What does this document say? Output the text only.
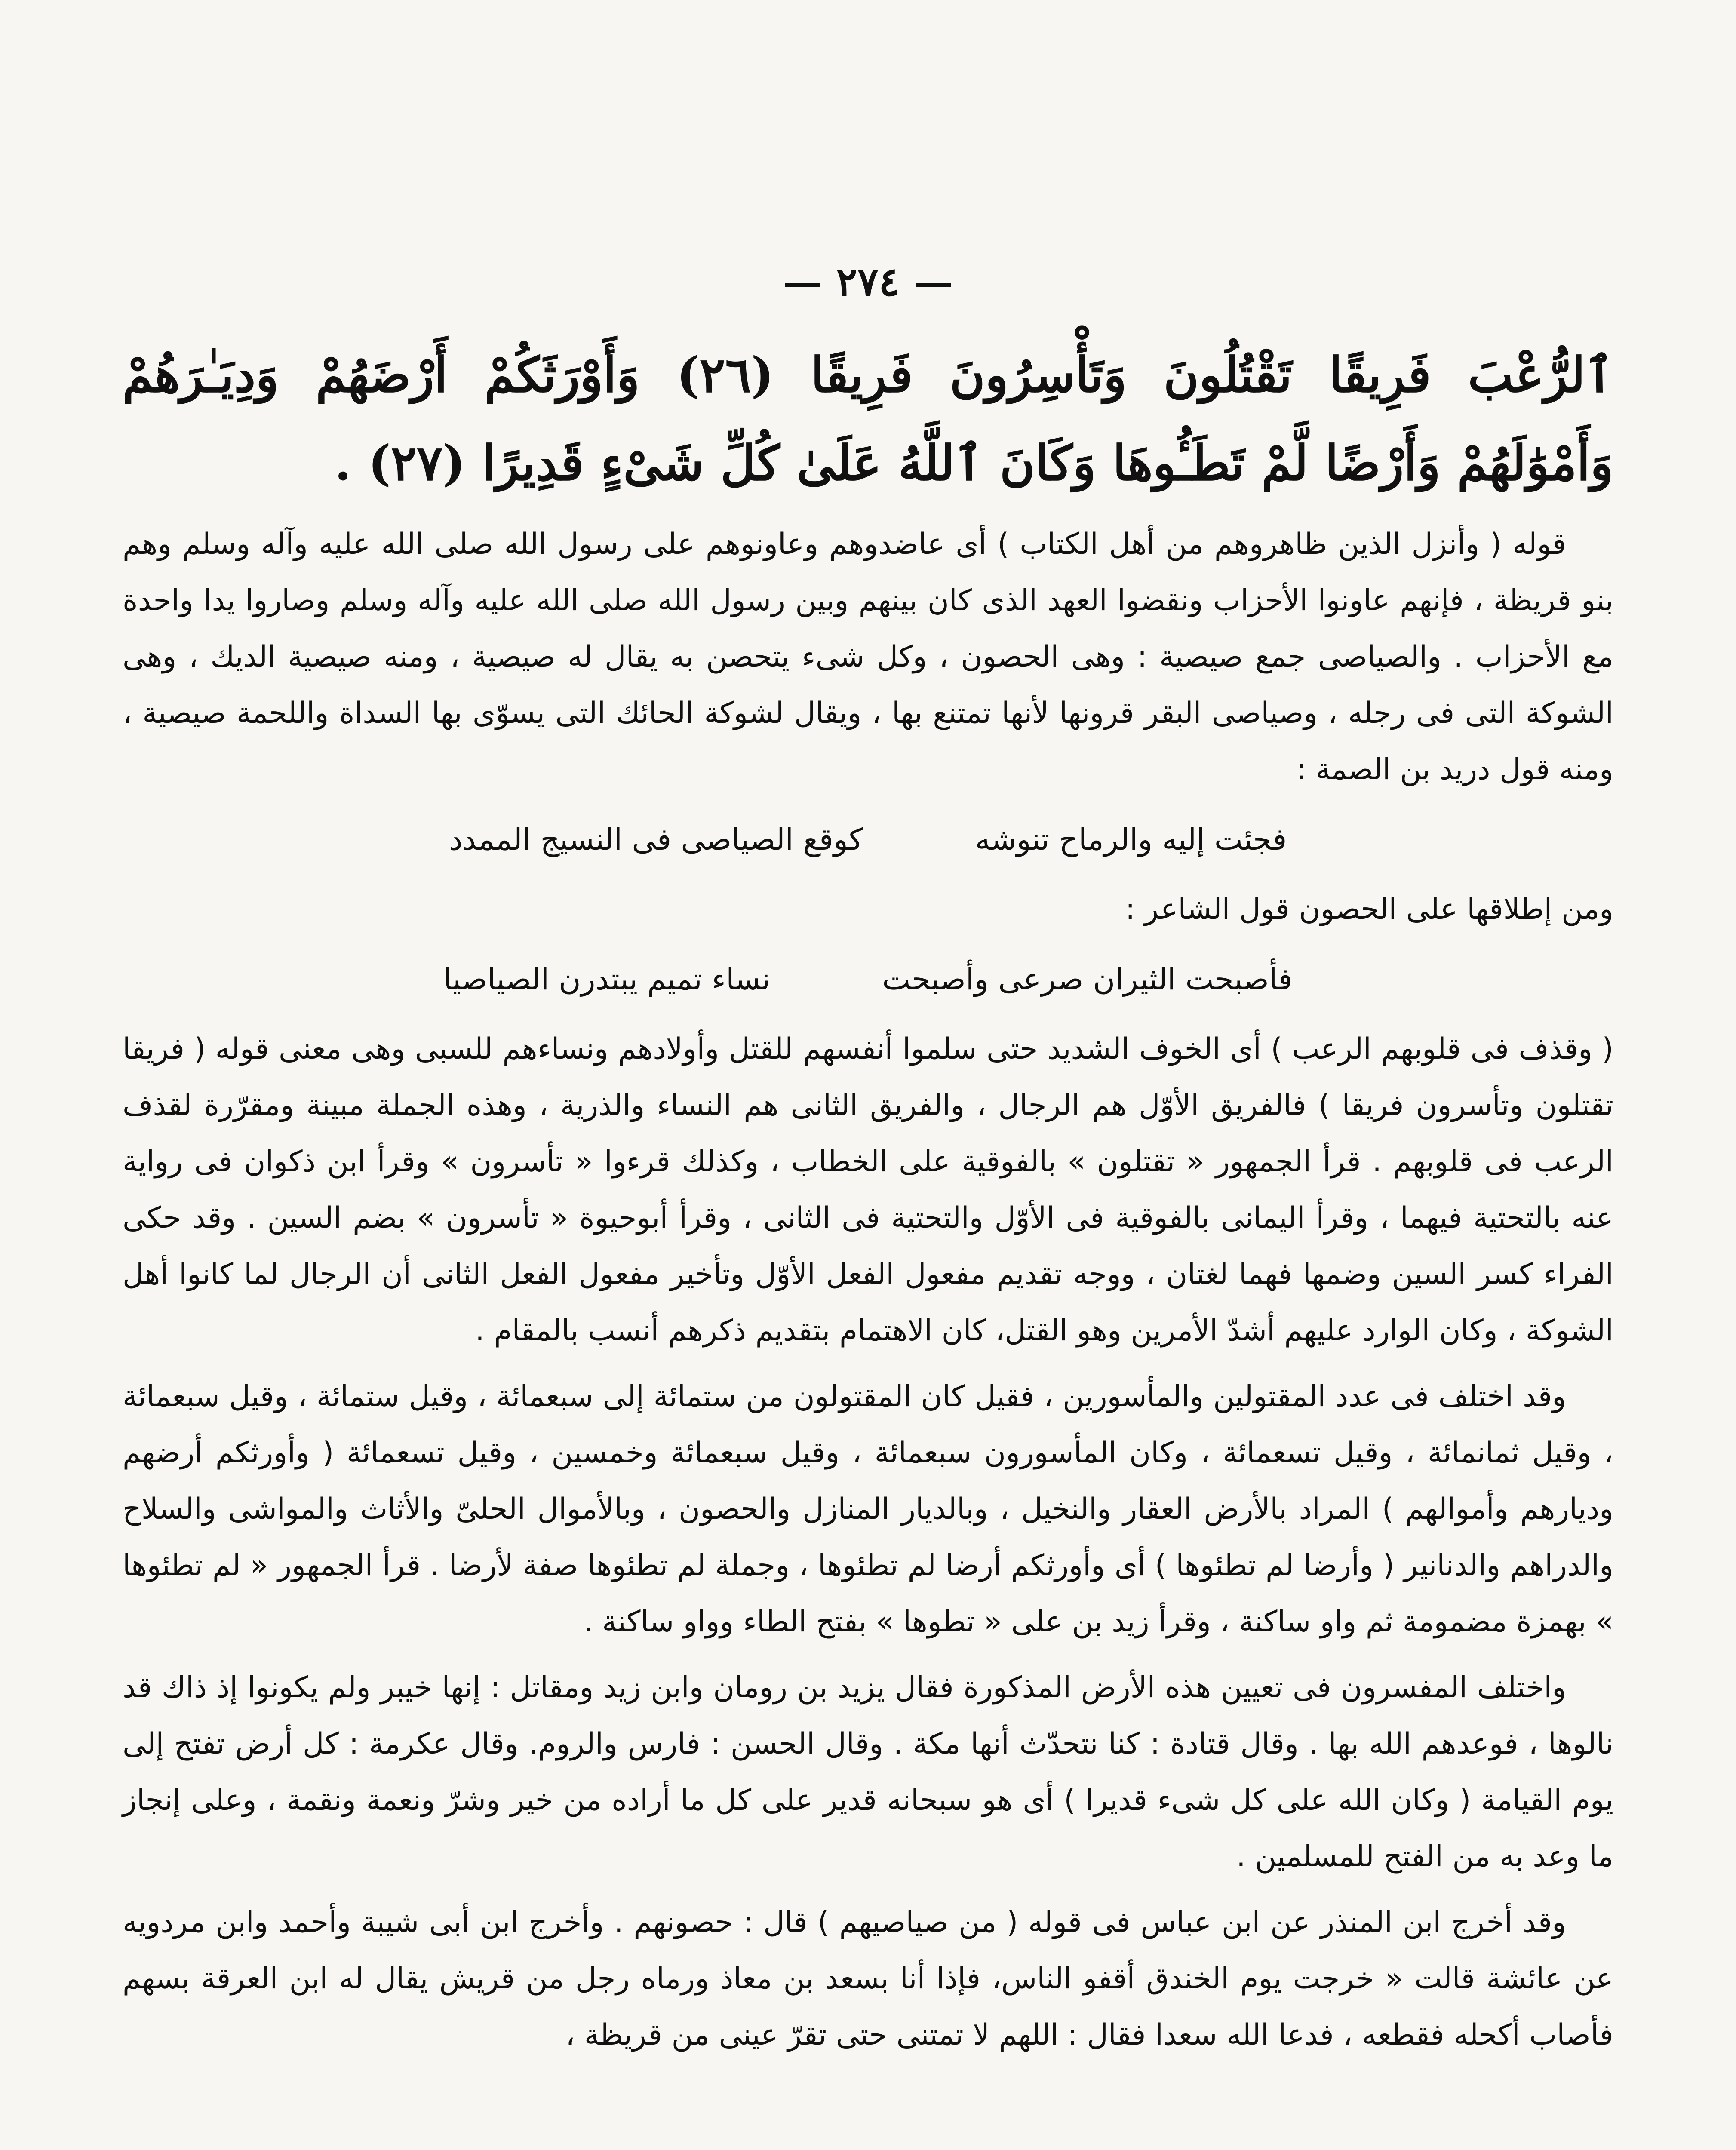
— ٢٧٤ —
ٱلرُّعْبَ فَرِيقًا تَقْتُلُونَ وَتَأْسِرُونَ فَرِيقًا (٢٦) وَأَوْرَثَكُمْ أَرْضَهُمْ وَدِيَـٰرَهُمْ وَأَمْوَٰلَهُمْ وَأَرْضًا لَّمْ تَطَـُٔوهَا وَكَانَ ٱللَّهُ عَلَىٰ كُلِّ شَىْءٍ قَدِيرًا (٢٧) .

قوله ( وأنزل الذين ظاهروهم من أهل الكتاب ) أى عاضدوهم وعاونوهم على رسول الله صلى الله عليه وآله وسلم وهم بنو قريظة ، فإنهم عاونوا الأحزاب ونقضوا العهد الذى كان بينهم وبين رسول الله صلى الله عليه وآله وسلم وصاروا يدا واحدة مع الأحزاب . والصياصى جمع صيصية : وهى الحصون ، وكل شىء يتحصن به يقال له صيصية ، ومنه صيصية الديك ، وهى الشوكة التى فى رجله ، وصياصى البقر قرونها لأنها تمتنع بها ، ويقال لشوكة الحائك التى يسوّى بها السداة واللحمة صيصية ، ومنه قول دريد بن الصمة :

فجئت إليه والرماح تنوشه
كوقع الصياصى فى النسيج الممدد

ومن إطلاقها على الحصون قول الشاعر :

فأصبحت الثيران صرعى وأصبحت
نساء تميم يبتدرن الصياصيا

( وقذف فى قلوبهم الرعب ) أى الخوف الشديد حتى سلموا أنفسهم للقتل وأولادهم ونساءهم للسبى وهى معنى قوله ( فريقا تقتلون وتأسرون فريقا ) فالفريق الأوّل هم الرجال ، والفريق الثانى هم النساء والذرية ، وهذه الجملة مبينة ومقرّرة لقذف الرعب فى قلوبهم . قرأ الجمهور « تقتلون » بالفوقية على الخطاب ، وكذلك قرءوا « تأسرون » وقرأ ابن ذكوان فى رواية عنه بالتحتية فيهما ، وقرأ اليمانى بالفوقية فى الأوّل والتحتية فى الثانى ، وقرأ أبوحيوة « تأسرون » بضم السين . وقد حكى الفراء كسر السين وضمها فهما لغتان ، ووجه تقديم مفعول الفعل الأوّل وتأخير مفعول الفعل الثانى أن الرجال لما كانوا أهل الشوكة ، وكان الوارد عليهم أشدّ الأمرين وهو القتل، كان الاهتمام بتقديم ذكرهم أنسب بالمقام .

وقد اختلف فى عدد المقتولين والمأسورين ، فقيل كان المقتولون من ستمائة إلى سبعمائة ، وقيل ستمائة ، وقيل سبعمائة ، وقيل ثمانمائة ، وقيل تسعمائة ، وكان المأسورون سبعمائة ، وقيل سبعمائة وخمسين ، وقيل تسعمائة ( وأورثكم أرضهم وديارهم وأموالهم ) المراد بالأرض العقار والنخيل ، وبالديار المنازل والحصون ، وبالأموال الحلىّ والأثاث والمواشى والسلاح والدراهم والدنانير ( وأرضا لم تطئوها ) أى وأورثكم أرضا لم تطئوها ، وجملة لم تطئوها صفة لأرضا . قرأ الجمهور « لم تطئوها » بهمزة مضمومة ثم واو ساكنة ، وقرأ زيد بن على « تطوها » بفتح الطاء وواو ساكنة .

واختلف المفسرون فى تعيين هذه الأرض المذكورة فقال يزيد بن رومان وابن زيد ومقاتل : إنها خيبر ولم يكونوا إذ ذاك قد نالوها ، فوعدهم الله بها . وقال قتادة : كنا نتحدّث أنها مكة . وقال الحسن : فارس والروم. وقال عكرمة : كل أرض تفتح إلى يوم القيامة ( وكان الله على كل شىء قديرا ) أى هو سبحانه قدير على كل ما أراده من خير وشرّ ونعمة ونقمة ، وعلى إنجاز ما وعد به من الفتح للمسلمين .

وقد أخرج ابن المنذر عن ابن عباس فى قوله ( من صياصيهم ) قال : حصونهم . وأخرج ابن أبى شيبة وأحمد وابن مردويه عن عائشة قالت « خرجت يوم الخندق أقفو الناس، فإذا أنا بسعد بن معاذ ورماه رجل من قريش يقال له ابن العرقة بسهم فأصاب أكحله فقطعه ، فدعا الله سعدا فقال : اللهم لا تمتنى حتى تقرّ عينى من قريظة ،
